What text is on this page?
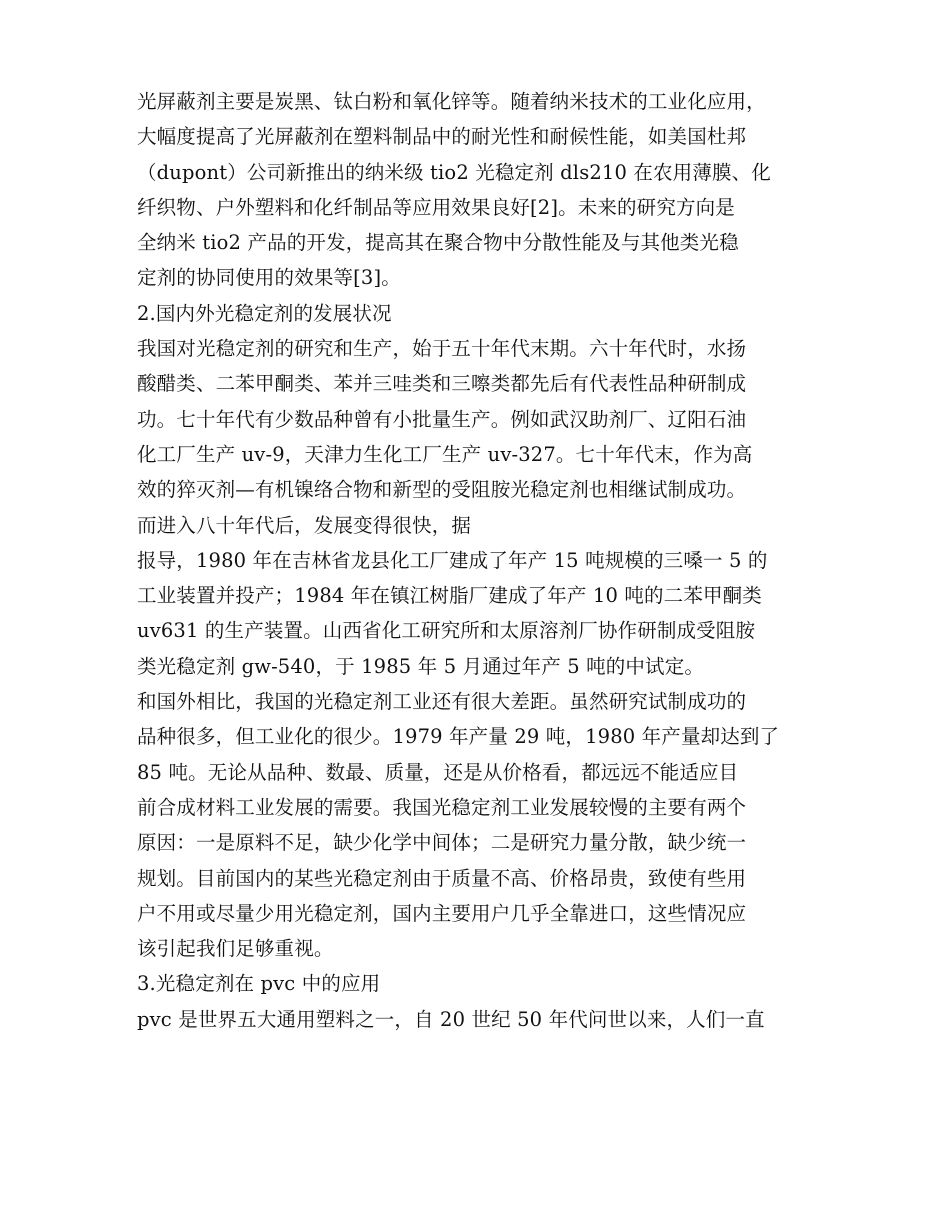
光屏蔽剂主要是炭黑、钛白粉和氧化锌等。随着纳米技术的工业化应用，
大幅度提高了光屏蔽剂在塑料制品中的耐光性和耐候性能，如美国杜邦
（dupont）公司新推出的纳米级 tio2 光稳定剂 dls210 在农用薄膜、化
纤织物、户外塑料和化纤制品等应用效果良好[2]。未来的研究方向是
全纳米 tio2 产品的开发，提高其在聚合物中分散性能及与其他类光稳
定剂的协同使用的效果等[3]。
2.国内外光稳定剂的发展状况
我国对光稳定剂的研究和生产，始于五十年代末期。六十年代时，水扬
酸醋类、二苯甲酮类、苯并三哇类和三嚓类都先后有代表性品种研制成
功。七十年代有少数品种曾有小批量生产。例如武汉助剂厂、辽阳石油
化工厂生产 uv-9，天津力生化工厂生产 uv-327。七十年代末，作为高
效的猝灭剂—有机镍络合物和新型的受阻胺光稳定剂也相继试制成功。
而进入八十年代后，发展变得很快，据
报导，1980 年在吉林省龙县化工厂建成了年产 15 吨规模的三嗓一 5 的
工业装置并投产；1984 年在镇江树脂厂建成了年产 10 吨的二苯甲酮类
uv631 的生产装置。山西省化工研究所和太原溶剂厂协作研制成受阻胺
类光稳定剂 gw-540，于 1985 年 5 月通过年产 5 吨的中试定。
和国外相比，我国的光稳定剂工业还有很大差距。虽然研究试制成功的
品种很多，但工业化的很少。1979 年产量 29 吨，1980 年产量却达到了
85 吨。无论从品种、数最、质量，还是从价格看，都远远不能适应目
前合成材料工业发展的需要。我国光稳定剂工业发展较慢的主要有两个
原因：一是原料不足，缺少化学中间体；二是研究力量分散，缺少统一
规划。目前国内的某些光稳定剂由于质量不高、价格昂贵，致使有些用
户不用或尽量少用光稳定剂，国内主要用户几乎全靠进口，这些情况应
该引起我们足够重视。
3.光稳定剂在 pvc 中的应用
pvc 是世界五大通用塑料之一，自 20 世纪 50 年代问世以来，人们一直
